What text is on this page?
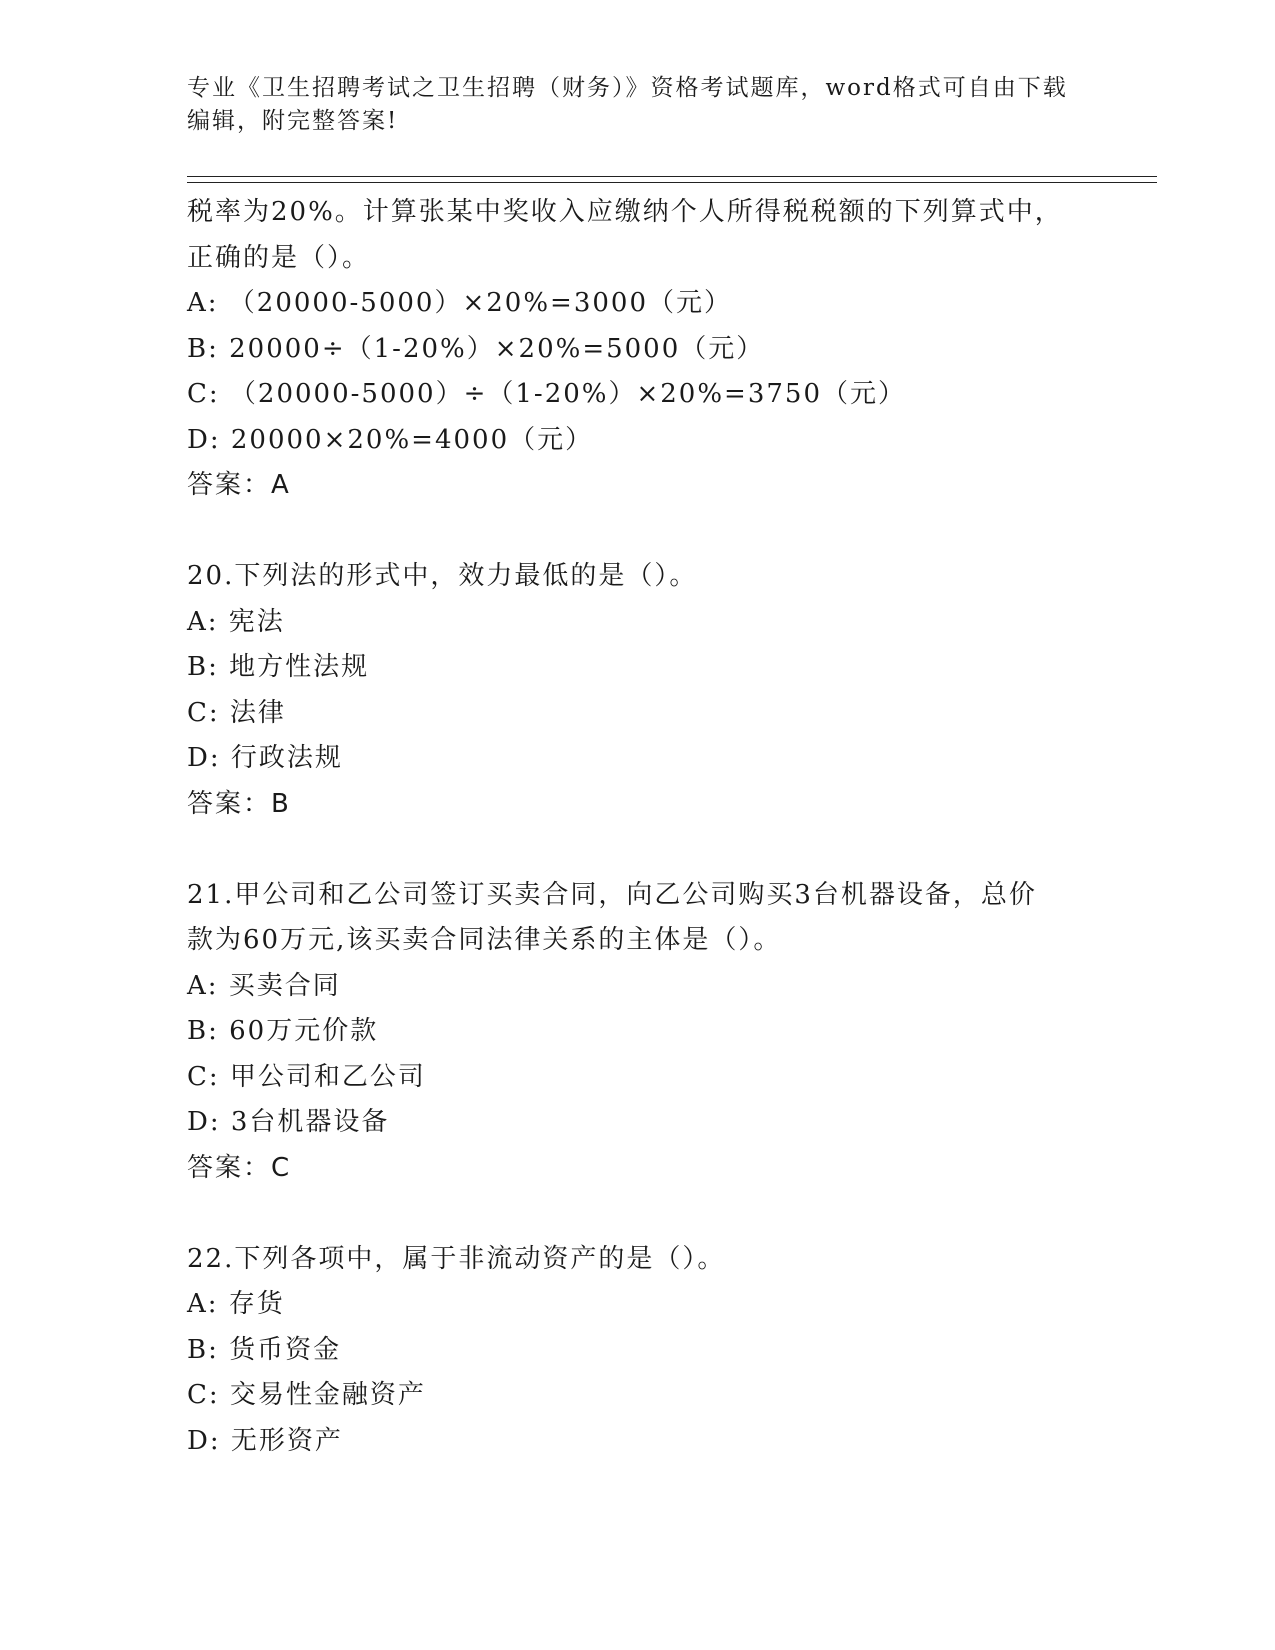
专业《卫生招聘考试之卫生招聘（财务）》资格考试题库，word格式可自由下载
编辑，附完整答案!
税率为20%。计算张某中奖收入应缴纳个人所得税税额的下列算式中，
正确的是（）。
A: （20000-5000）×20%=3000（元）
B: 20000÷（1-20%）×20%=5000（元）
C: （20000-5000）÷（1-20%）×20%=3750（元）
D: 20000×20%=4000（元）
答案：A
20.下列法的形式中，效力最低的是（）。
A: 宪法
B: 地方性法规
C: 法律
D: 行政法规
答案：B
21.甲公司和乙公司签订买卖合同，向乙公司购买3台机器设备，总价
款为60万元,该买卖合同法律关系的主体是（）。
A: 买卖合同
B: 60万元价款
C: 甲公司和乙公司
D: 3台机器设备
答案：C
22.下列各项中，属于非流动资产的是（）。
A: 存货
B: 货币资金
C: 交易性金融资产
D: 无形资产
